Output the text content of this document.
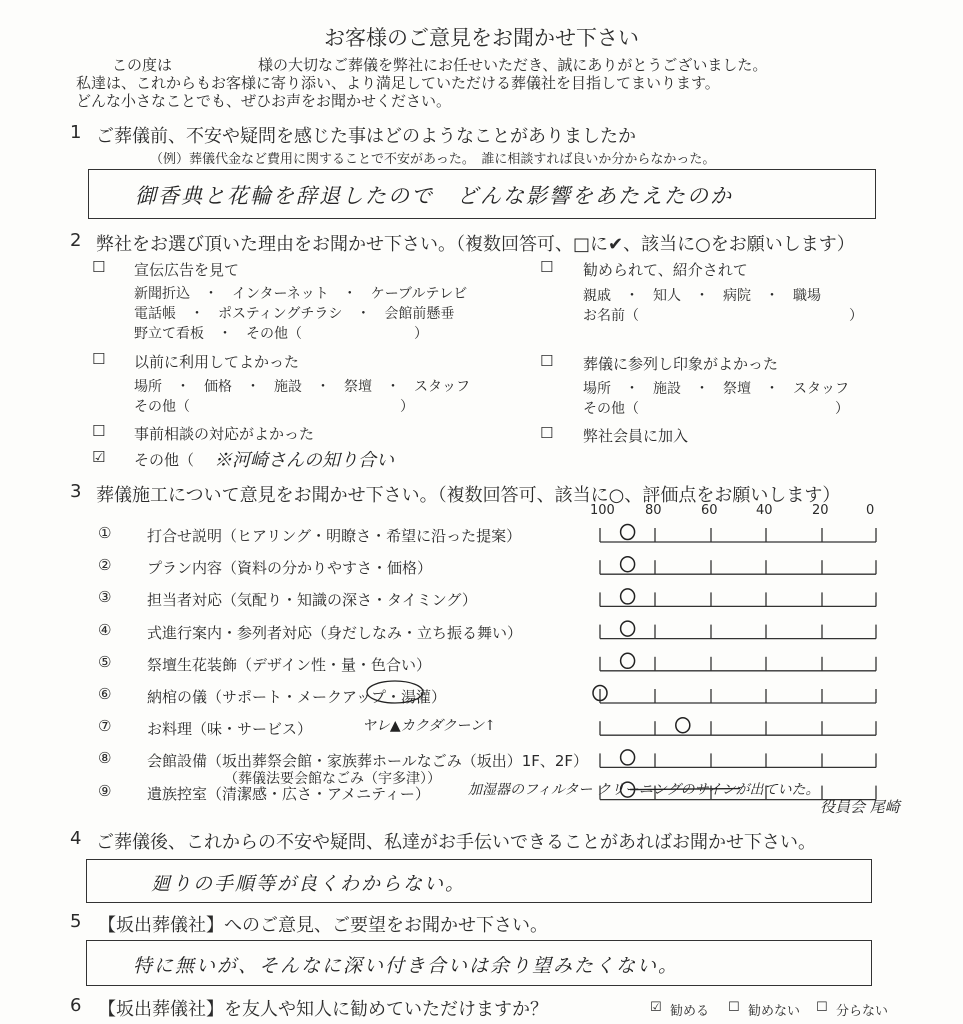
お客様のご意見をお聞かせ下さい
この度は	様の大切なご葬儀を弊社にお任せいただき、誠にありがとうございました。
私達は、これからもお客様に寄り添い、より満足していただける葬儀社を目指してまいります。
どんな小さなことでも、ぜひお声をお聞かせください。
1 ご葬儀前、不安や疑問を感じた事はどのようなことがありましたか
（例）葬儀代金など費用に関することで不安があった。　誰に相談すれば良いか分からなかった。
御香典と花輪を辞退したので　どんな影響をあたえたのか
2 弊社をお選び頂いた理由をお聞かせ下さい。（複数回答可、□に✔、該当に○をお願いします）
☐ 宣伝広告を見て
新聞折込　・　インターネット　・　ケーブルテレビ
電話帳　・　ポスティングチラシ　・　会館前懸垂
野立て看板　・　その他（　　　　　　　　）
☐ 以前に利用してよかった
場所　・　価格　・　施設　・　祭壇　・　スタッフ
その他（　　　　　　　　　　　　　　　）
☐ 事前相談の対応がよかった
☑ その他（ ※河崎さんの知り合い
☐ 勧められて、紹介されて
親戚　・　知人　・　病院　・　職場
お名前（　　　　　　　　　　　　　　　）
☐ 葬儀に参列し印象がよかった
場所　・　施設　・　祭壇　・　スタッフ
その他（　　　　　　　　　　　　　　）
☐ 弊社会員に加入
3 葬儀施工について意見をお聞かせ下さい。（複数回答可、該当に○、評価点をお願いします）
100 80	60	40	20	0
① 打合せ説明（ヒアリング・明瞭さ・希望に沿った提案）
② プラン内容（資料の分かりやすさ・価格）
③ 担当者対応（気配り・知識の深さ・タイミング）
④ 式進行案内・参列者対応（身だしなみ・立ち振る舞い）
⑤ 祭壇生花装飾（デザイン性・量・色合い）
⑥ 納棺の儀（サポート・メークアップ・湯灌）
⑦ お料理（味・サービス）	ヤレ▲カクダクーン↑
⑧ 会館設備（坂出葬祭会館・家族葬ホールなごみ（坂出）1F、2F）
⑨ 遺族控室（清潔感・広さ・アメニティー）	加湿器のフィルター クリーニングのサインが出ていた。
役員会 尾崎
（葬儀法要会館なごみ（宇多津））
4 ご葬儀後、これからの不安や疑問、私達がお手伝いできることがあればお聞かせ下さい。
廻りの手順等が良くわからない。
5 【坂出葬儀社】へのご意見、ご要望をお聞かせ下さい。
特に無いが、そんなに深い付き合いは余り望みたくない。
6 【坂出葬儀社】を友人や知人に勧めていただけますか？	☑ 勧める ☐ 勧めない ☐ 分らない
